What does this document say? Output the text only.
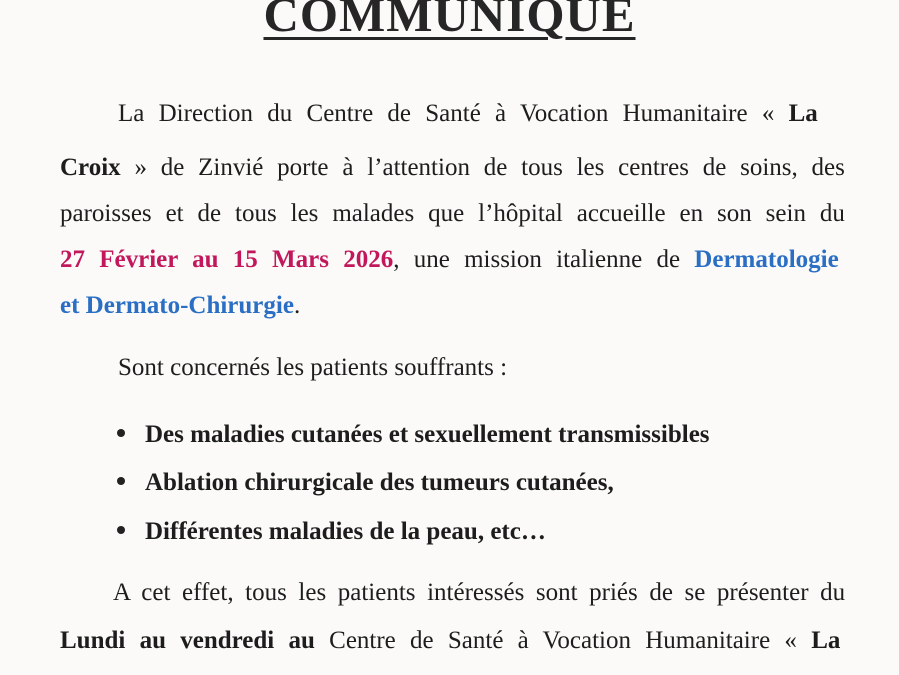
COMMUNIQUE
La Direction du Centre de Santé à Vocation Humanitaire « La
Croix » de Zinvié porte à l’attention de tous les centres de soins, des
paroisses et de tous les malades que l’hôpital accueille en son sein du
27 Février au 15 Mars 2026, une mission italienne de Dermatologie
et Dermato-Chirurgie.
Sont concernés les patients souffrants :
Des maladies cutanées et sexuellement transmissibles
Ablation chirurgicale des tumeurs cutanées,
Différentes maladies de la peau, etc…
A cet effet, tous les patients intéressés sont priés de se présenter du
Lundi au vendredi au Centre de Santé à Vocation Humanitaire « La
